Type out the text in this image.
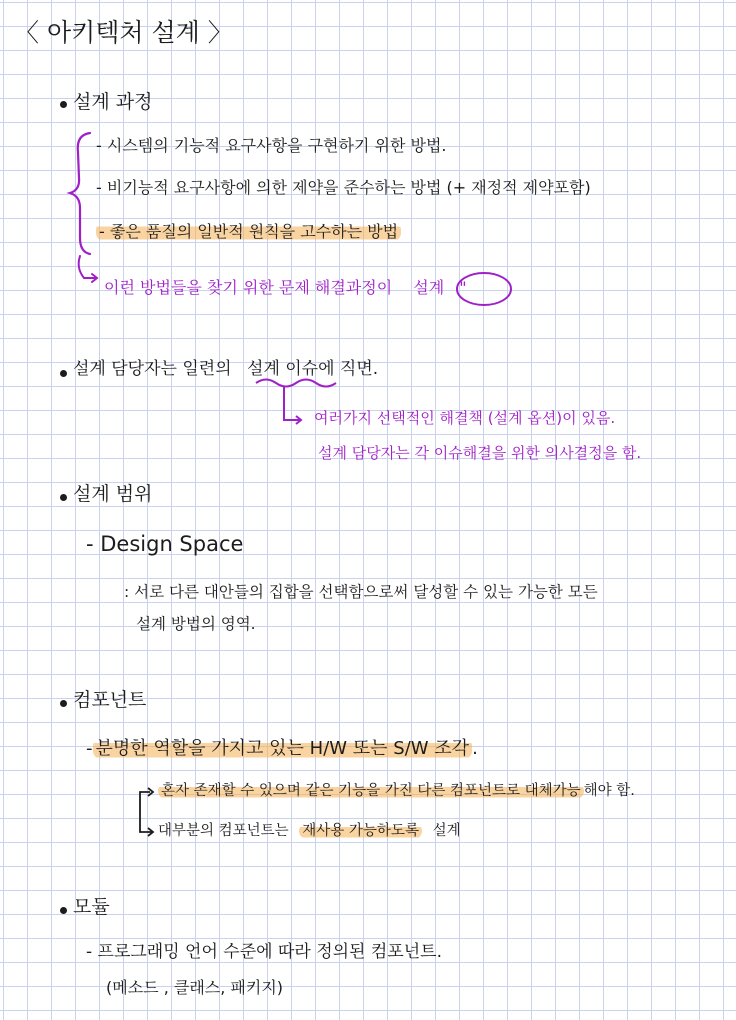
〈 아키텍처 설계 〉
설계 과정
- 시스템의 기능적 요구사항을 구현하기 위한 방법.
- 비기능적 요구사항에 의한 제약을 준수하는 방법 (+ 재정적 제약포함)
- 좋은 품질의 일반적 원칙을 고수하는 방법
이런 방법들을 찾기 위한 문제 해결과정이 설계 "
설계 담당자는 일련의 설계 이슈에 직면.
여러가지 선택적인 해결책 (설계 옵션)이 있음.
설계 담당자는 각 이슈해결을 위한 의사결정을 함.
설계 범위
- Design Space
: 서로 다른 대안들의 집합을 선택함으로써 달성할 수 있는 가능한 모든
설계 방법의 영역.
컴포넌트
- 분명한 역할을 가지고 있는 H/W 또는 S/W 조각 .
혼자 존재할 수 있으며 같은 기능을 가진 다른 컴포넌트로 대체가능 해야 함.
대부분의 컴포넌트는 재사용 가능하도록 설계
모듈
- 프로그래밍 언어 수준에 따라 정의된 컴포넌트.
(메소드 , 클래스, 패키지)
